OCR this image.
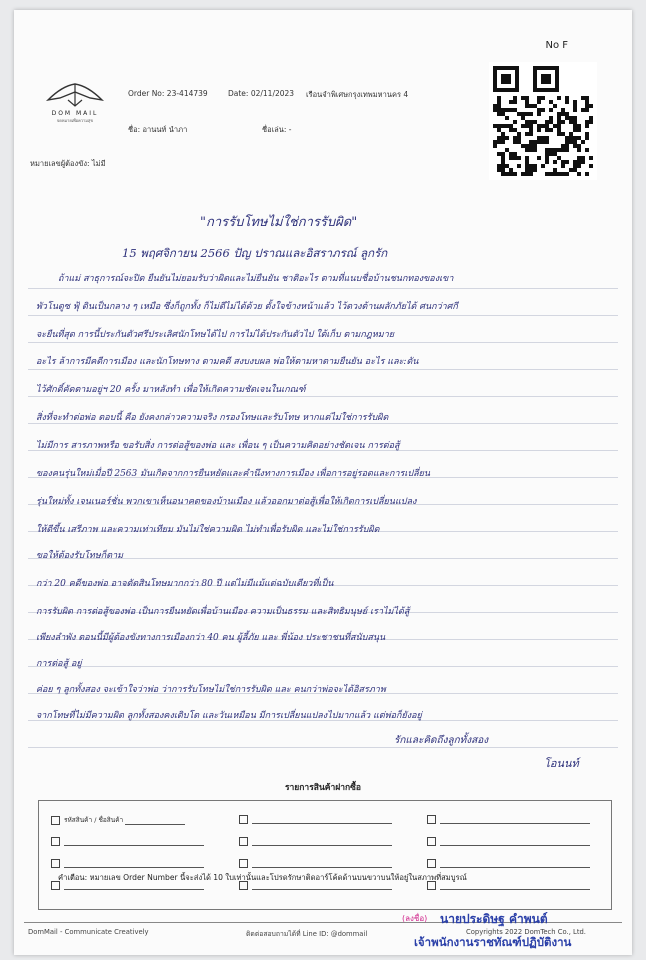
DOM MAIL
จดหมายเพื่อความสุข
Order No: 23-414739	Date: 02/11/2023 เรือนจำพิเศษกรุงเทพมหานคร 4
ชื่อ: อานนท์ นำภา	ชื่อเล่น: -
หมายเลขผู้ต้องขัง: ไม่มี
No F
"การรับโทษไม่ใช่การรับผิด"
15 พฤศจิกายน 2566 ปัญ ปราณและอิสราภรณ์ ลูกรัก
ถ้าแม่ สาธุการณ์จะปิด ยืนยันไม่ยอมรับว่าผิดและไม่ยืนยัน ชาติอะไร ตามที่แนบชื่อบ้านชนกทองของเขา
พัวโนดูซ ฟุ้ ดินเป็นกลาง ๆ เหมือ ซึ่งก็ถูกทั้ง ก็ไม่ดีไม่ได้ด้วย ตั้งใจข้างหน้าแล้ว ไว้ดวงต้านผลักภัยได้ ศนกว่าศกี
จะยืนที่สุด การนี้ประกันตัวศรีประเลิศนักโทษได้ไป การไม่ได้ประกันตัวไป ใต้เก็บ ตามกฎหมาย
อะไร ล้าการมีคดีการเมือง และนักโทษทาง ตามคดี สงบงบผล พ่อให้ตามหาตามยืนยัน อะไร และ:ดัน
ไว้ศักดิ์คัดตามอยู่ฯ 20 ครั้ง มาหลังทำ เพื่อให้เกิดความชัดเจนในเกณฑ์
สิ่งที่จะทำต่อพ่อ ตอบนี้ คือ ยังคงกล่าวความจริง กรองโทษและรับโทษ หากแต่ไม่ใช่การรับผิด
ไม่มีการ สารภาพหรือ ขอรับสิ่ง การต่อสู้ของพ่อ และ เพื่อน ๆ เป็นความคิดอย่างชัดเจน การต่อสู้
ของคนรุ่นใหม่เมื่อปี 2563 มันเกิดจากการยืนหยัดและคำนึงทางการเมือง เพื่อการอยู่รอดและการเปลี่ยน
รุ่นใหม่ทั้ง เจนเนอร์ชั่น พวกเขาเห็นอนาคตของบ้านเมือง แล้วออกมาต่อสู้เพื่อให้เกิดการเปลี่ยนแปลง
ให้ดีขึ้น เสรีภาพ และความเท่าเทียม มันไม่ใช่ความผิด ไม่ทำเพื่อรับผิด และไม่ใช่การรับผิด
ขอให้ต้องรับโทษก็ตาม
กว่า 20 คดีของพ่อ อาจตัดสินโทษมากกว่า 80 ปี แต่ไม่มีแม้แต่ฉบับเดียวที่เป็น
การรับผิด การต่อสู้ของพ่อ เป็นการยืนหยัดเพื่อบ้านเมือง ความเป็นธรรม และสิทธิมนุษย์ เราไม่ได้สู้
เพียงลำพัง ตอนนี้มีผู้ต้องขังทางการเมืองกว่า 40 คน ผู้ลี้ภัย และ พี่น้อง ประชาชนที่สนับสนุน
การต่อสู้ อยู่
ค่อย ๆ ลูกทั้งสอง จะเข้าใจว่าพ่อ ว่าการรับโทษไม่ใช่การรับผิด และ คนกว่าพ่อจะได้อิสรภาพ
จากโทษที่ไม่มีความผิด ลูกทั้งสองคงเติบโต และวันเหมือน มีการเปลี่ยนแปลงไปมากแล้ว แต่พ่อก็ยังอยู่
รักและคิดถึงลูกทั้งสอง
โอนนท์
รายการสินค้าฝากซื้อ
รหัสสินค้า / ชื่อสินค้า
DomMail - Communicate Creatively	ติดต่อสอบถามได้ที่ Line ID: @dommail	Copyrights 2022 DomTech Co., Ltd.
คำเตือน: หมายเลข Order Number นี้จะส่งได้ 10 ใบเท่านั้นและโปรดรักษาติดอาร์โค้ดด้านบนขวาบนให้อยู่ในสภาพที่สมบูรณ์
(ลงชื่อ) นายประดิษฐ คำพนต์
เจ้าพนักงานราชทัณฑ์ปฏิบัติงาน
